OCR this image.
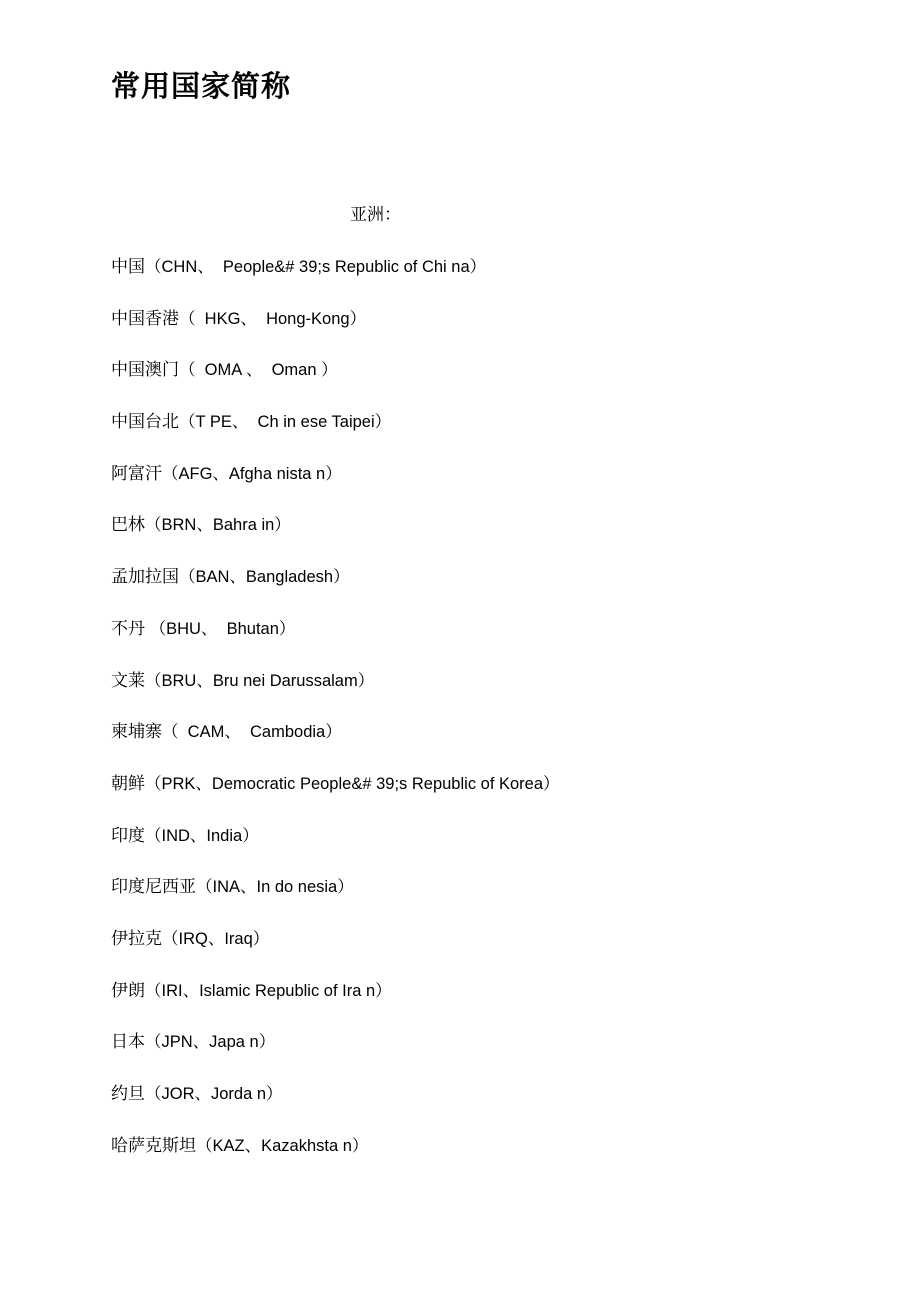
常用国家简称
亚洲：
中国（CHN、  People&# 39;s Republic of Chi na）
中国香港（  HKG、  Hong-Kong）
中国澳门（  OMA 、  Oman ）
中国台北（T PE、  Ch in ese Taipei）
阿富汗（AFG、Afgha nista n）
巴林（BRN、Bahra in）
孟加拉国（BAN、Bangladesh）
不丹 （BHU、  Bhutan）
文莱（BRU、Bru nei Darussalam）
柬埔寨（  CAM、  Cambodia）
朝鲜（PRK、Democratic People&# 39;s Republic of Korea）
印度（IND、India）
印度尼西亚（INA、In do nesia）
伊拉克（IRQ、Iraq）
伊朗（IRI、Islamic Republic of Ira n）
日本（JPN、Japa n）
约旦（JOR、Jorda n）
哈萨克斯坦（KAZ、Kazakhsta n）
